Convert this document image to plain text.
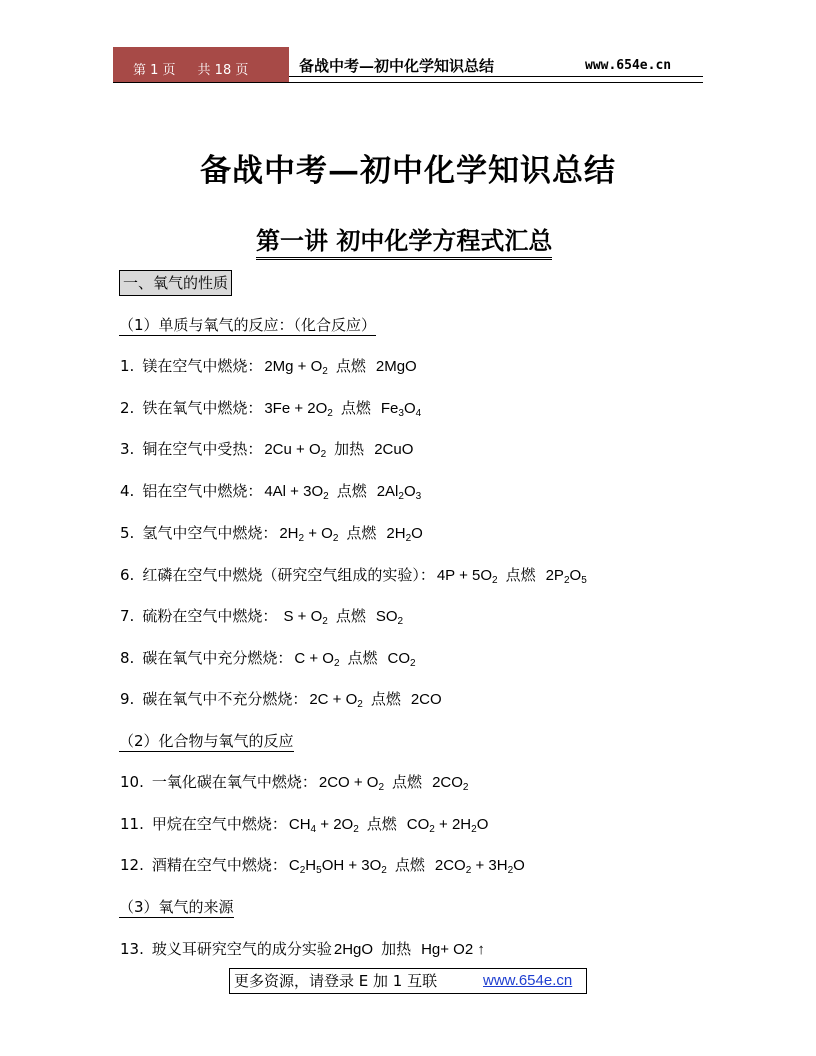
第 1 页 共 18 页	备战中考—初中化学知识总结	www.654e.cn
备战中考—初中化学知识总结
第一讲 初中化学方程式汇总
一、氧气的性质
（1）单质与氧气的反应：（化合反应）
（2）化合物与氧气的反应
（3）氧气的来源
1. 镁在空气中燃烧： $2Mg + O_2$ 点燃 2MgO
2. 铁在氧气中燃烧： $3Fe + 2O_2$ 点燃 $Fe_3O_4$
3. 铜在空气中受热： $2Cu + O_2$ 加热 2CuO
4. 铝在空气中燃烧： $4Al + 3O_2$ 点燃 $2Al_2O_3$
5. 氢气中空气中燃烧： $2H_2 + O_2$ 点燃 $2H_2O$
6. 红磷在空气中燃烧（研究空气组成的实验）： $4P + 5O_2$ 点燃 $2P_2O_5$
7. 硫粉在空气中燃烧： $S + O_2$ 点燃 $SO_2$
8. 碳在氧气中充分燃烧： $C + O_2$ 点燃 $CO_2$
9. 碳在氧气中不充分燃烧： $2C + O_2$ 点燃 2CO
10. 一氧化碳在氧气中燃烧： $2CO + O_2$ 点燃 $2CO_2$
11. 甲烷在空气中燃烧： $CH_4 + 2O_2$ 点燃 $CO_2 + 2H_2O$
12. 酒精在空气中燃烧： $C_2H_5OH + 3O_2$ 点燃 $2CO_2 + 3H_2O$
13. 玻义耳研究空气的成分实验 2HgO 加热 Hg+ O2 ↑
更多资源，请登录 E 加 1 互联	www.654e.cn
